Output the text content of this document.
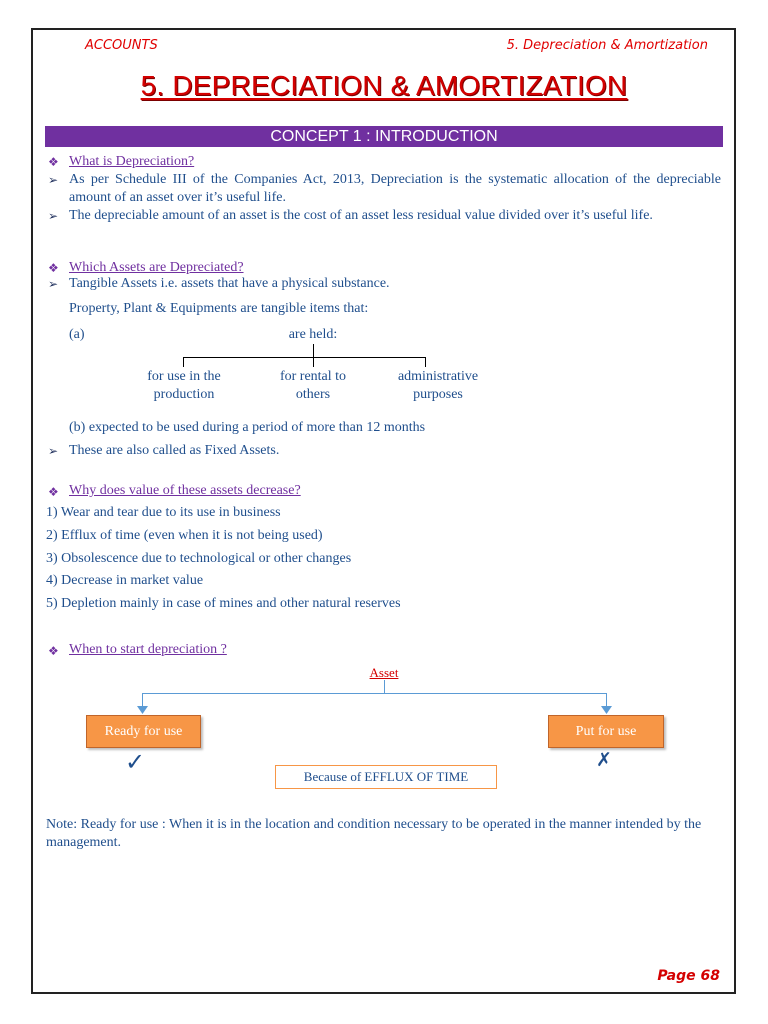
ACCOUNTS	5. Depreciation & Amortization
5. DEPRECIATION & AMORTIZATION
CONCEPT 1 : INTRODUCTION
❖ What is Depreciation?
➢ As per Schedule III of the Companies Act, 2013, Depreciation is the systematic allocation of the depreciable amount of an asset over it’s useful life.
➢ The depreciable amount of an asset is the cost of an asset less residual value divided over it’s useful life.
❖ Which Assets are Depreciated?
➢ Tangible Assets i.e. assets that have a physical substance.
Property, Plant & Equipments are tangible items that:
(a)	are held:
for use in the production
for rental to others
administrative purposes
(b) expected to be used during a period of more than 12 months
➢ These are also called as Fixed Assets.
❖ Why does value of these assets decrease?
1) Wear and tear due to its use in business
2) Efflux of time (even when it is not being used)
3) Obsolescence due to technological or other changes
4) Decrease in market value
5) Depletion mainly in case of mines and other natural reserves
❖ When to start depreciation ?
Asset
Ready for use	Put for use
✓	✗
Because of EFFLUX OF TIME
Note: Ready for use : When it is in the location and condition necessary to be operated in the manner intended by the management.
Page 68
